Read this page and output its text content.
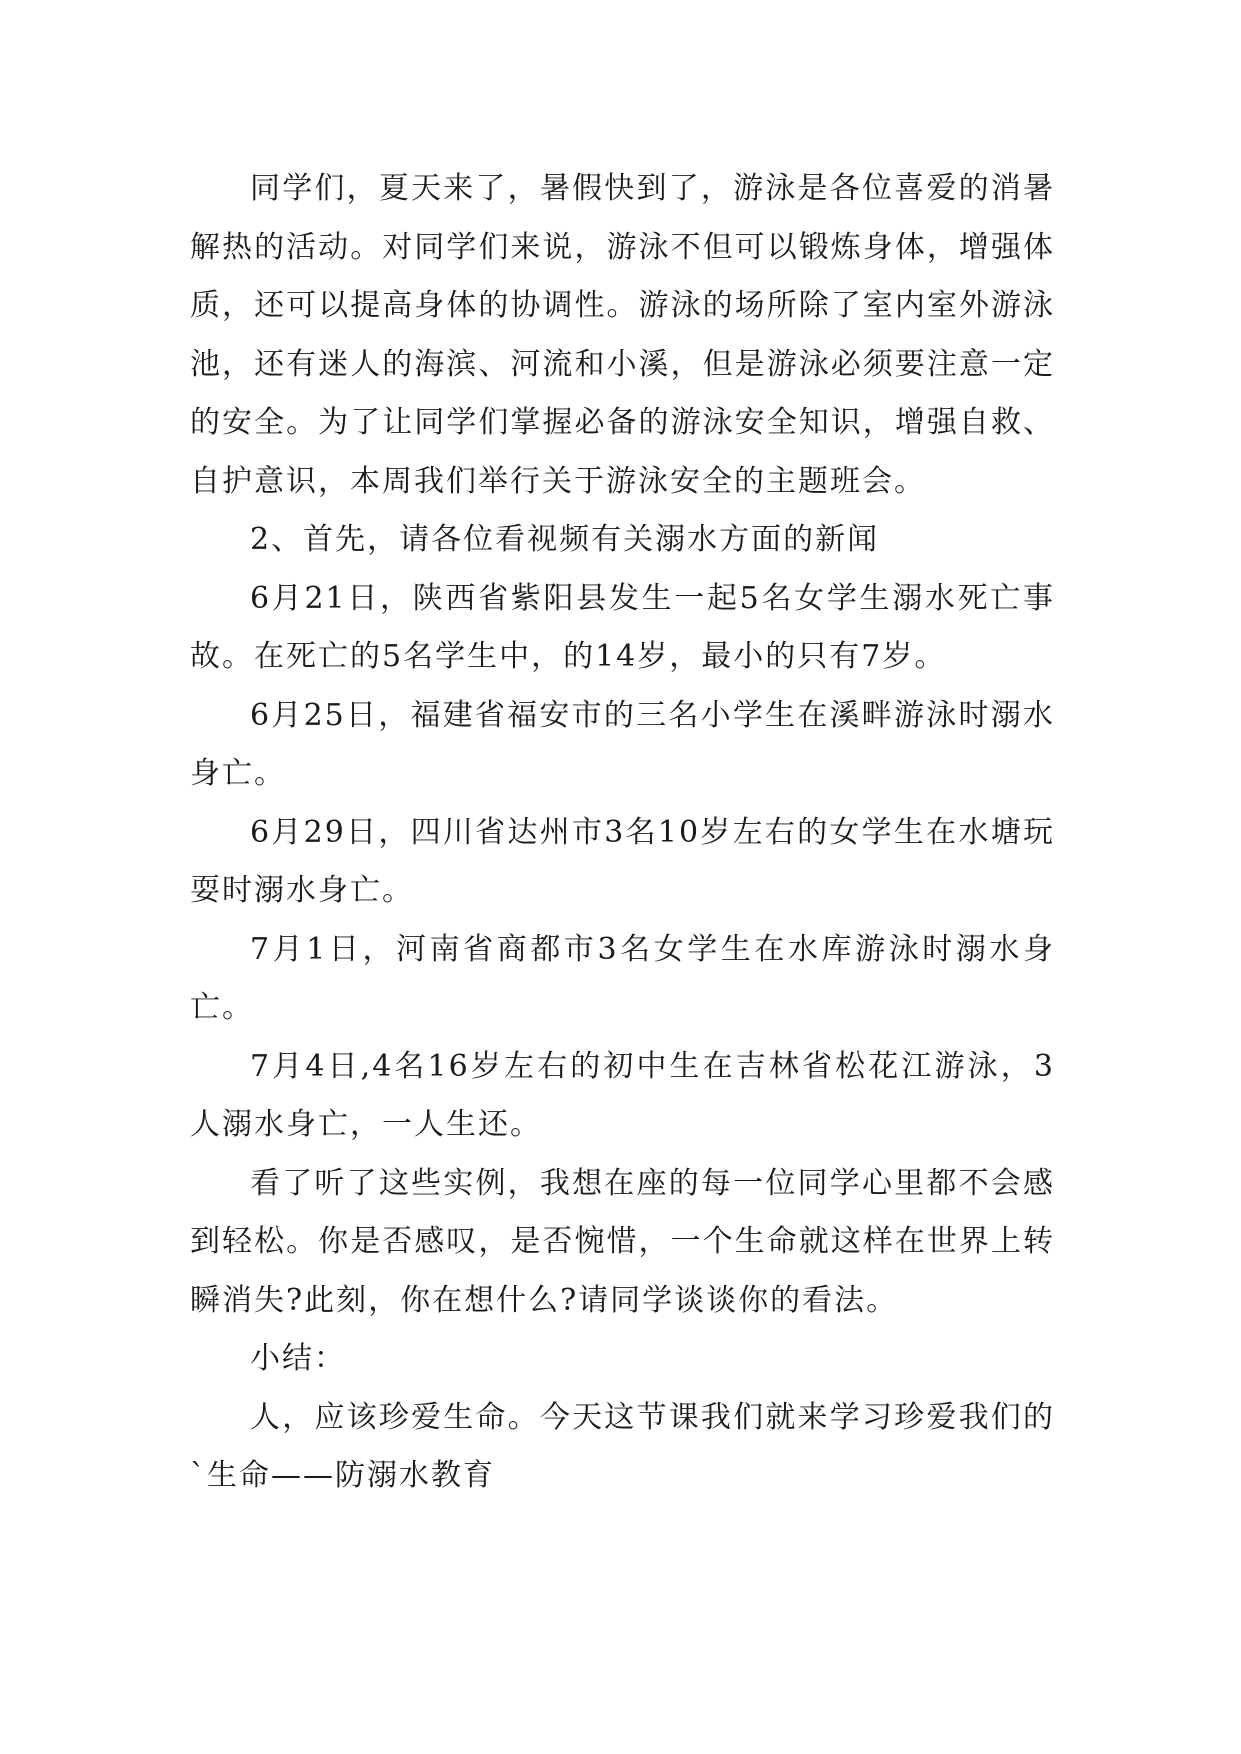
同学们，夏天来了，暑假快到了，游泳是各位喜爱的消暑解热的活动。对同学们来说，游泳不但可以锻炼身体，增强体质，还可以提高身体的协调性。游泳的场所除了室内室外游泳池，还有迷人的海滨、河流和小溪，但是游泳必须要注意一定的安全。为了让同学们掌握必备的游泳安全知识，增强自救、自护意识，本周我们举行关于游泳安全的主题班会。

2、首先，请各位看视频有关溺水方面的新闻

6月21日，陕西省紫阳县发生一起5名女学生溺水死亡事故。在死亡的5名学生中，的14岁，最小的只有7岁。

6月25日，福建省福安市的三名小学生在溪畔游泳时溺水身亡。

6月29日，四川省达州市3名10岁左右的女学生在水塘玩耍时溺水身亡。

7月1日，河南省商都市3名女学生在水库游泳时溺水身亡。

7月4日,4名16岁左右的初中生在吉林省松花江游泳，3人溺水身亡，一人生还。

看了听了这些实例，我想在座的每一位同学心里都不会感到轻松。你是否感叹，是否惋惜，一个生命就这样在世界上转瞬消失?此刻，你在想什么?请同学谈谈你的看法。

小结：

人，应该珍爱生命。今天这节课我们就来学习珍爱我们的`生命——防溺水教育
